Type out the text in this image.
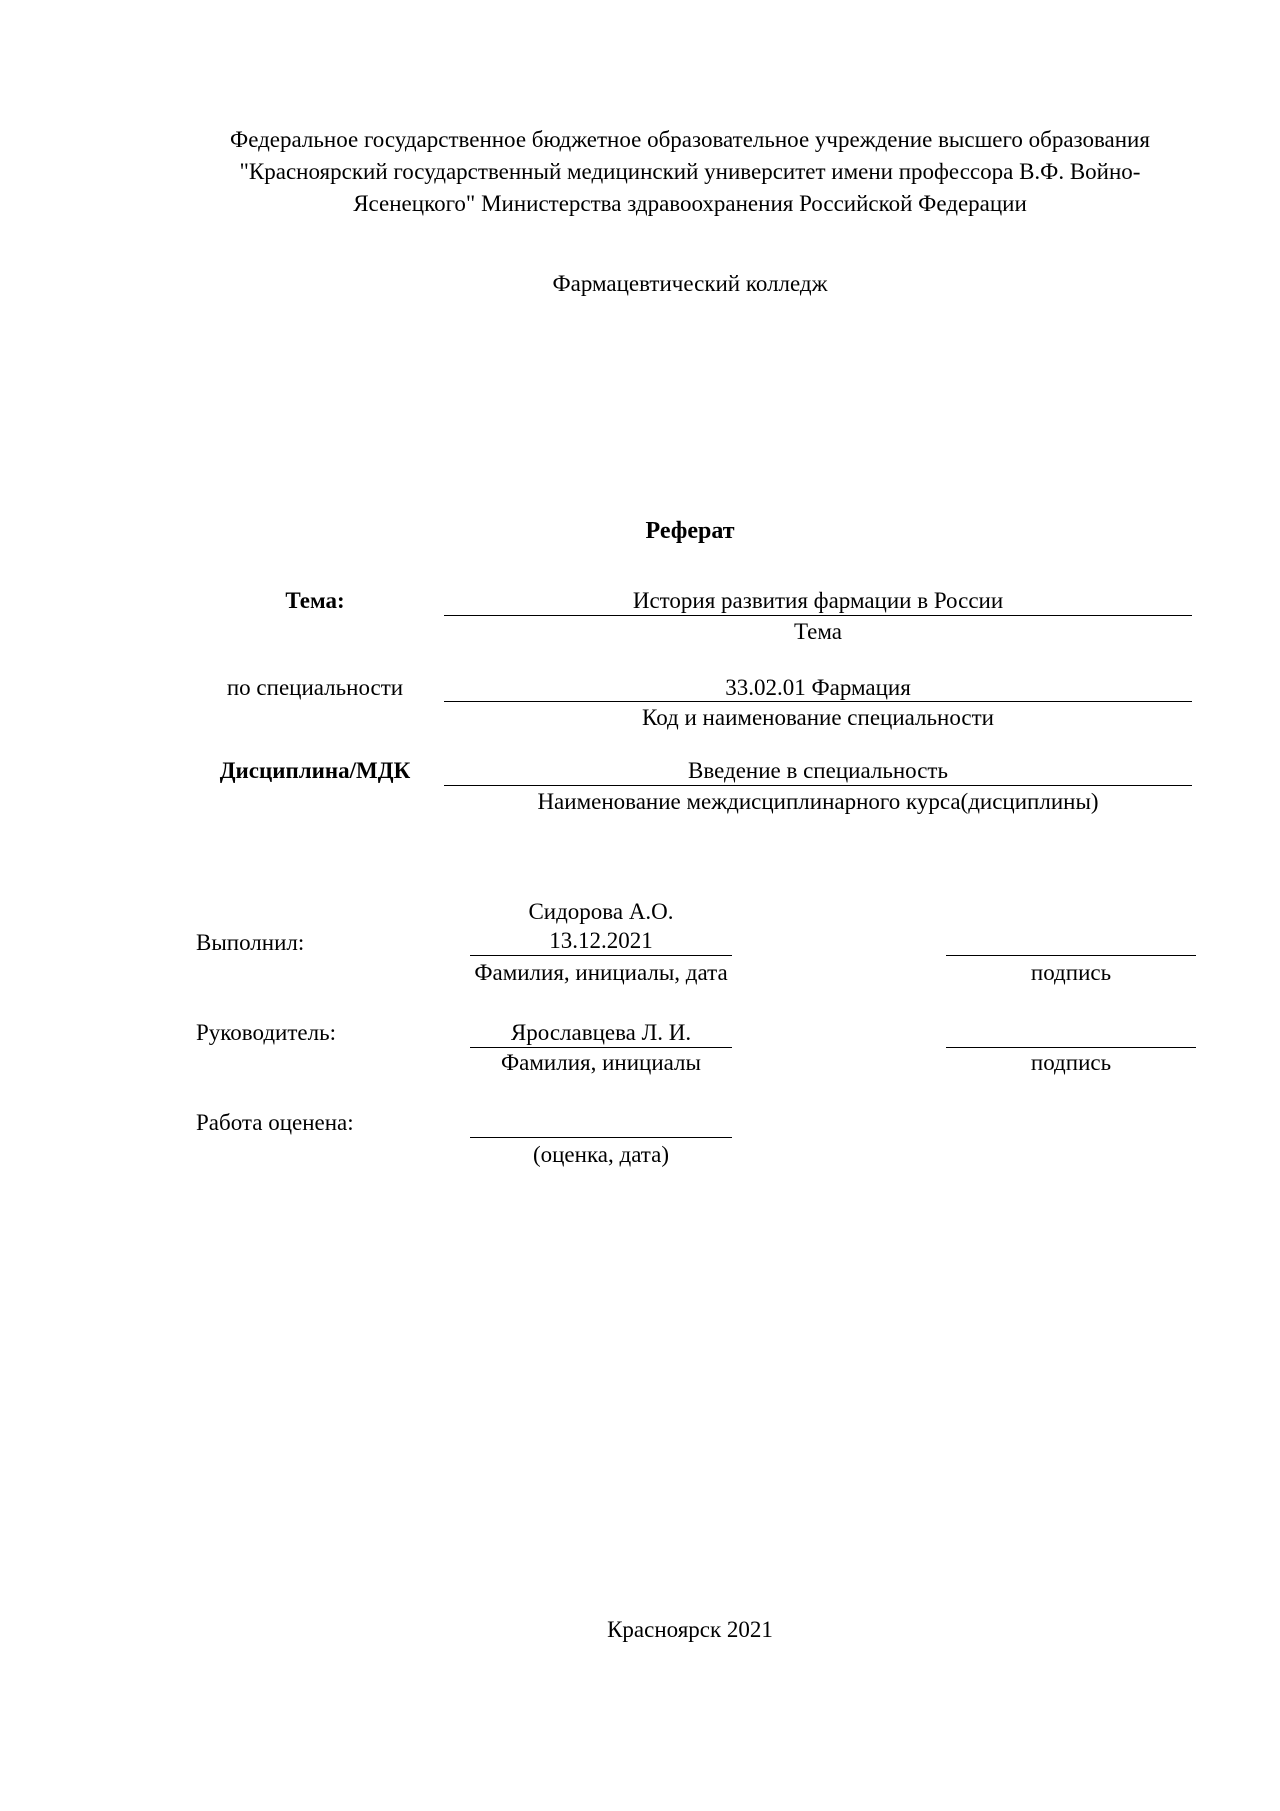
Федеральное государственное бюджетное образовательное учреждение высшего образования "Красноярский государственный медицинский университет имени профессора В.Ф. Войно-Ясенецкого" Министерства здравоохранения Российской Федерации
Фармацевтический колледж
Реферат
Тема:	История развития фармации в России
Тема
по специальности	33.02.01 Фармация
Код и наименование специальности
Дисциплина/МДК	Введение в специальность
Наименование междисциплинарного курса(дисциплины)
Выполнил:
Сидорова А.О.
13.12.2021
Фамилия, инициалы, дата	подпись
Руководитель:	Ярославцева Л. И.
Фамилия, инициалы	подпись
Работа оценена:
(оценка, дата)
Красноярск 2021
